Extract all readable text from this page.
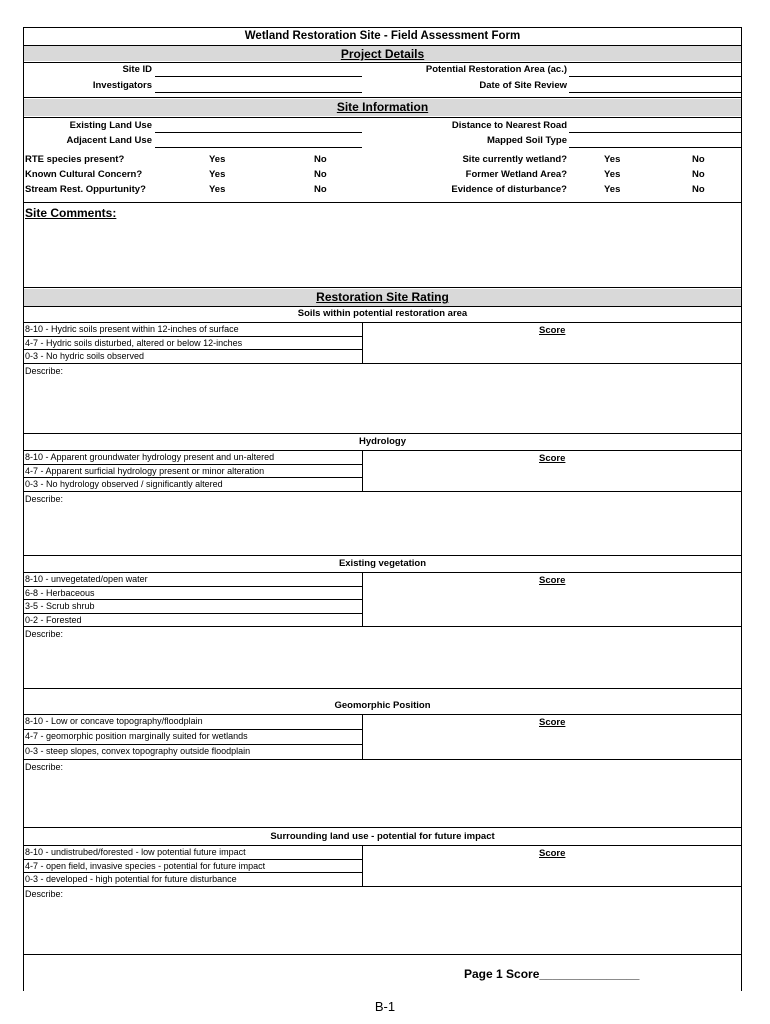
Wetland Restoration Site - Field Assessment Form
Project Details
Site ID	Potential Restoration Area (ac.)
Investigators	Date of Site Review
Site Information
Existing Land Use	Distance to Nearest Road
Adjacent Land Use	Mapped Soil Type
RTE species present?	Yes	No	Site currently wetland?	Yes	No
Known Cultural Concern?	Yes	No	Former Wetland Area?	Yes	No
Stream Rest. Oppurtunity?	Yes	No	Evidence of disturbance?	Yes	No
Site Comments:
Restoration Site Rating
Soils within potential restoration area
8-10 - Hydric soils present within 12-inches of surface
4-7 - Hydric soils disturbed, altered or below 12-inches
0-3 - No hydric soils observed
Score
Describe:
Hydrology
8-10 - Apparent groundwater hydrology present and un-altered
4-7 - Apparent surficial hydrology present or minor alteration
0-3 - No hydrology observed / significantly altered
Score
Describe:
Existing vegetation
8-10 - unvegetated/open water
6-8 - Herbaceous
3-5 - Scrub shrub
0-2 - Forested
Score
Describe:
Geomorphic Position
8-10 - Low or concave topography/floodplain
4-7 - geomorphic position marginally suited for wetlands
0-3 - steep slopes, convex topography outside floodplain
Score
Describe:
Surrounding land use - potential for future impact
8-10 - undistrubed/forested - low potential future impact
4-7 - open field, invasive species - potential for future impact
0-3 - developed - high potential for future disturbance
Score
Describe:
Page 1 Score_______________
B-1
